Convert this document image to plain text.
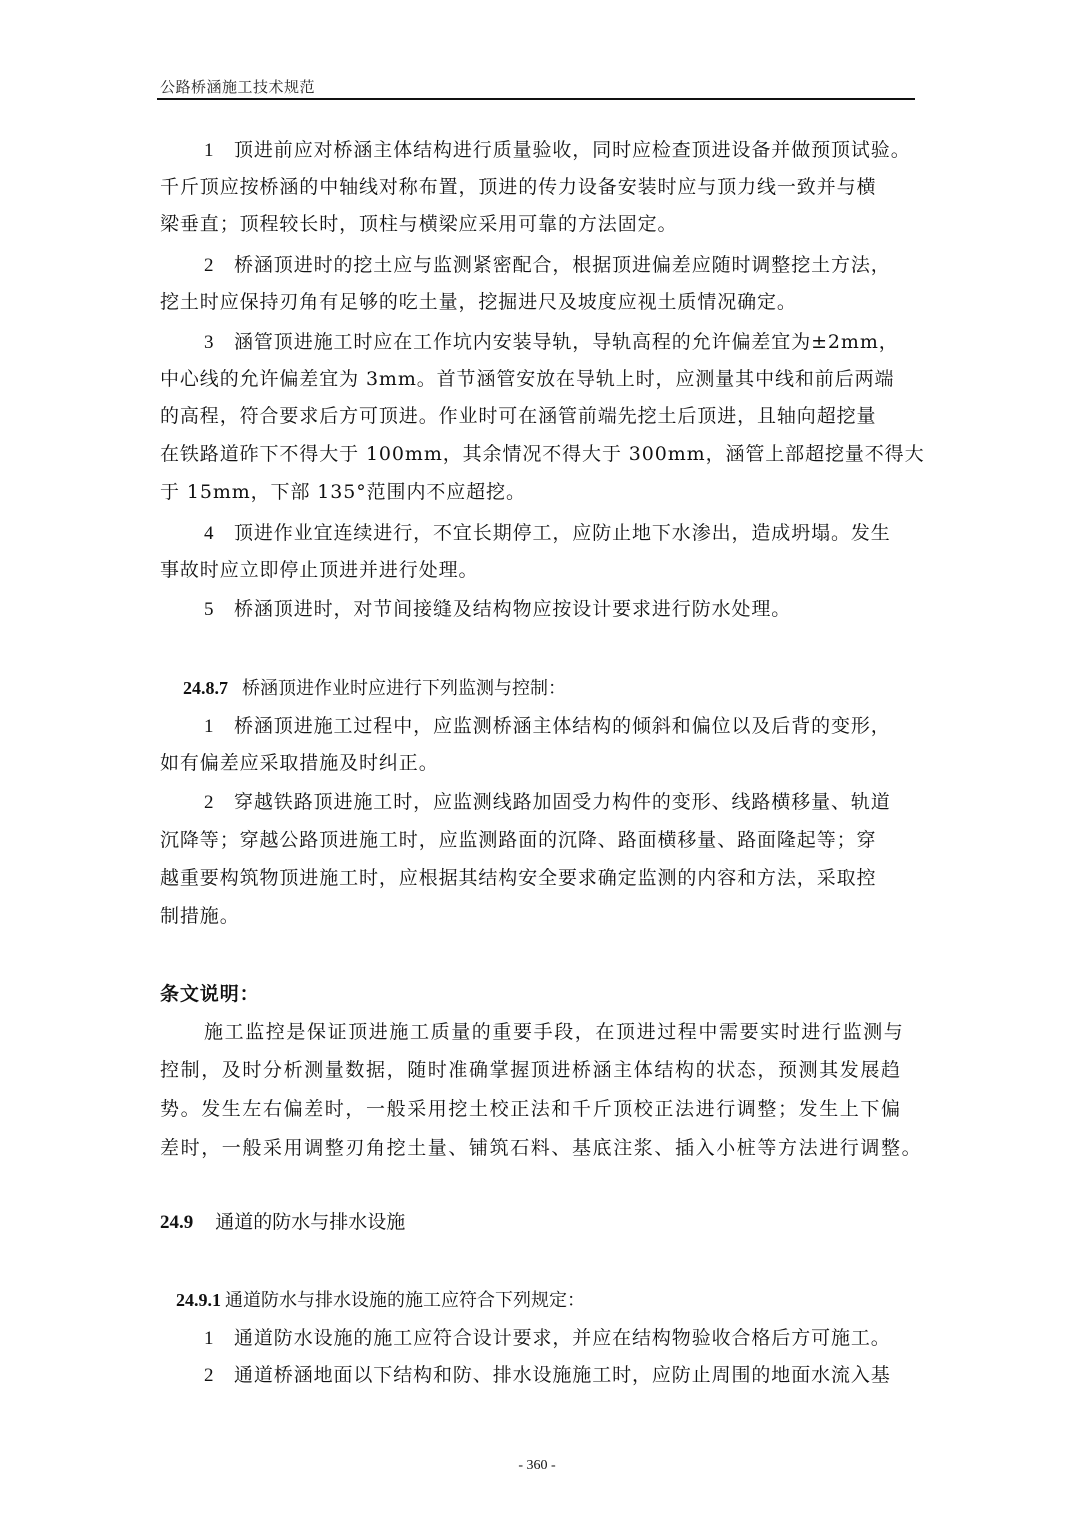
公路桥涵施工技术规范
1 顶进前应对桥涵主体结构进行质量验收，同时应检查顶进设备并做预顶试验。
千斤顶应按桥涵的中轴线对称布置，顶进的传力设备安装时应与顶力线一致并与横
梁垂直；顶程较长时，顶柱与横梁应采用可靠的方法固定。
2 桥涵顶进时的挖土应与监测紧密配合，根据顶进偏差应随时调整挖土方法，
挖土时应保持刃角有足够的吃土量，挖掘进尺及坡度应视土质情况确定。
3 涵管顶进施工时应在工作坑内安装导轨，导轨高程的允许偏差宜为±2mm，
中心线的允许偏差宜为 3mm。首节涵管安放在导轨上时，应测量其中线和前后两端
的高程，符合要求后方可顶进。作业时可在涵管前端先挖土后顶进，且轴向超挖量
在铁路道砟下不得大于 100mm，其余情况不得大于 300mm，涵管上部超挖量不得大
于 15mm，下部 135°范围内不应超挖。
4 顶进作业宜连续进行，不宜长期停工，应防止地下水渗出，造成坍塌。发生
事故时应立即停止顶进并进行处理。
5 桥涵顶进时，对节间接缝及结构物应按设计要求进行防水处理。
24.8.7 桥涵顶进作业时应进行下列监测与控制：
1 桥涵顶进施工过程中，应监测桥涵主体结构的倾斜和偏位以及后背的变形，
如有偏差应采取措施及时纠正。
2 穿越铁路顶进施工时，应监测线路加固受力构件的变形、线路横移量、轨道
沉降等；穿越公路顶进施工时，应监测路面的沉降、路面横移量、路面隆起等；穿
越重要构筑物顶进施工时，应根据其结构安全要求确定监测的内容和方法，采取控
制措施。
条文说明：
施工监控是保证顶进施工质量的重要手段，在顶进过程中需要实时进行监测与
控制，及时分析测量数据，随时准确掌握顶进桥涵主体结构的状态，预测其发展趋
势。发生左右偏差时，一般采用挖土校正法和千斤顶校正法进行调整；发生上下偏
差时，一般采用调整刃角挖土量、铺筑石料、基底注浆、插入小桩等方法进行调整。
24.9 通道的防水与排水设施
24.9.1 通道防水与排水设施的施工应符合下列规定：
1 通道防水设施的施工应符合设计要求，并应在结构物验收合格后方可施工。
2 通道桥涵地面以下结构和防、排水设施施工时，应防止周围的地面水流入基
- 360 -
